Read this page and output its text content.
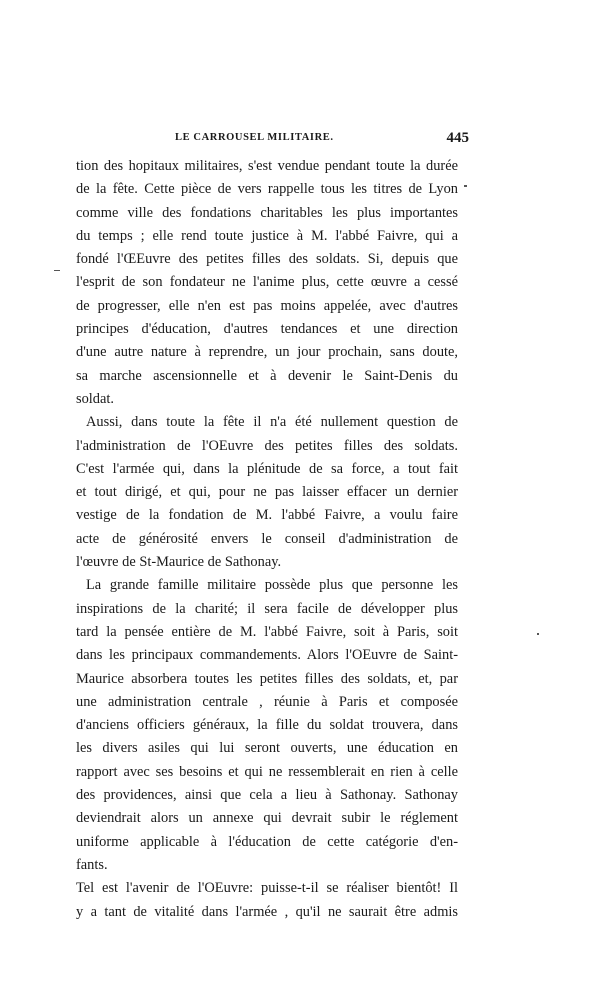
LE CARROUSEL MILITAIRE.	445
tion des hopitaux militaires, s'est vendue pendant toute la durée
de la fête. Cette pièce de vers rappelle tous les titres de Lyon
comme ville des fondations charitables les plus importantes
du temps ; elle rend toute justice à M. l'abbé Faivre, qui a
fondé l'ŒEuvre des petites filles des soldats. Si, depuis que
l'esprit de son fondateur ne l'anime plus, cette œuvre a cessé
de progresser, elle n'en est pas moins appelée, avec d'autres
principes d'éducation, d'autres tendances et une direction
d'une autre nature à reprendre, un jour prochain, sans doute,
sa marche ascensionnelle et à devenir le Saint-Denis du
soldat.
Aussi, dans toute la fête il n'a été nullement question de
l'administration de l'OEuvre des petites filles des soldats.
C'est l'armée qui, dans la plénitude de sa force, a tout fait
et tout dirigé, et qui, pour ne pas laisser effacer un dernier
vestige de la fondation de M. l'abbé Faivre, a voulu faire
acte de générosité envers le conseil d'administration de
l'œuvre de St-Maurice de Sathonay.
La grande famille militaire possède plus que personne les
inspirations de la charité; il sera facile de développer plus
tard la pensée entière de M. l'abbé Faivre, soit à Paris, soit
dans les principaux commandements. Alors l'OEuvre de Saint-
Maurice absorbera toutes les petites filles des soldats, et, par
une administration centrale , réunie à Paris et composée
d'anciens officiers généraux, la fille du soldat trouvera, dans
les divers asiles qui lui seront ouverts, une éducation en
rapport avec ses besoins et qui ne ressemblerait en rien à celle
des providences, ainsi que cela a lieu à Sathonay. Sathonay
deviendrait alors un annexe qui devrait subir le réglement
uniforme applicable à l'éducation de cette catégorie d'en-
fants.
Tel est l'avenir de l'OEuvre: puisse-t-il se réaliser bientôt! Il
y a tant de vitalité dans l'armée , qu'il ne saurait être admis
